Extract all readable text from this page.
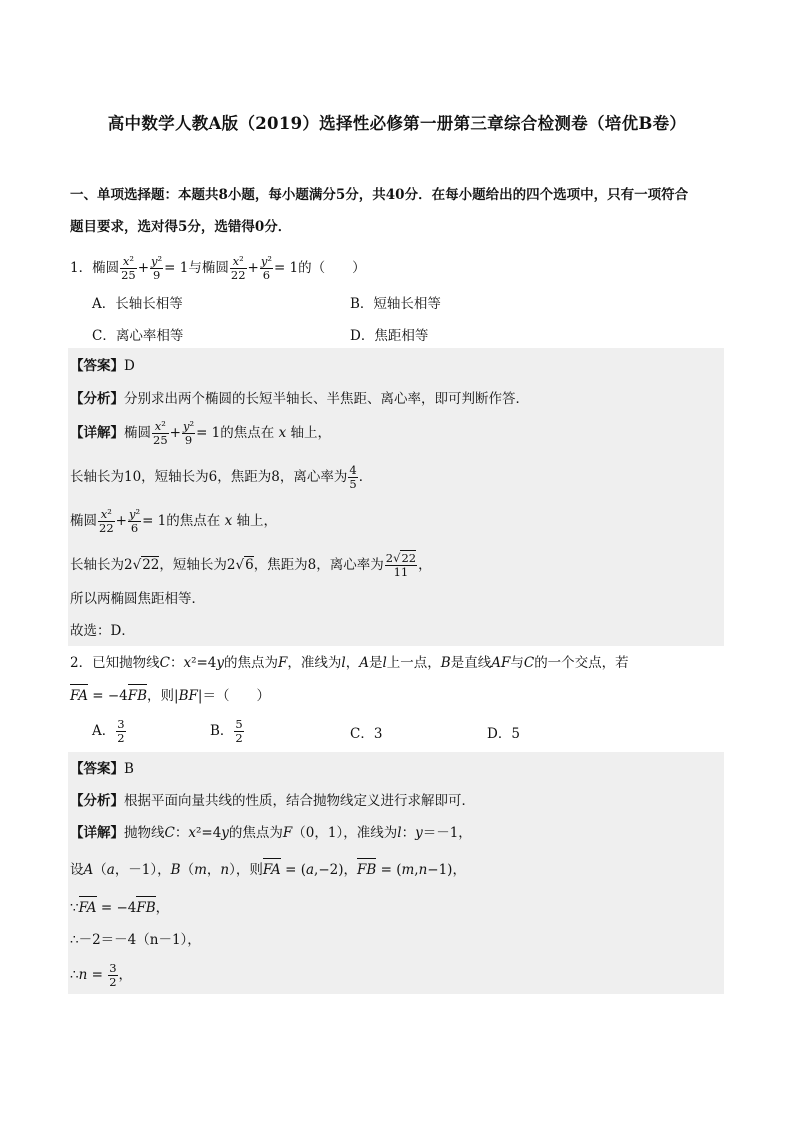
高中数学人教A版（2019）选择性必修第一册第三章综合检测卷（培优B卷）
一、单项选择题：本题共8小题，每小题满分5分，共40分．在每小题给出的四个选项中，只有一项符合
题目要求，选对得5分，选错得0分．
1．椭圆 $\frac{\text{x²}}{25} + \frac{\text{y²}}{9} = 1$与椭圆 $\frac{\text{x²}}{22} + \frac{\text{y²}}{6} = 1$的（　　）
A．长轴长相等	B．短轴长相等
C．离心率相等	D．焦距相等
【答案】D
【分析】分别求出两个椭圆的长短半轴长、半焦距、离心率，即可判断作答．
【详解】椭圆 $\frac{\text{x²}}{25} + \frac{\text{y²}}{9} = 1$的焦点在 x 轴上，
长轴长为10，短轴长为6，焦距为8，离心率为 $\frac{4}{5}$ ．
椭圆 $\frac{\text{x²}}{22} + \frac{\text{y²}}{6} = 1$的焦点在 x 轴上，
长轴长为2√22，短轴长为2√6，焦距为8，离心率为 $\frac{2√22}{11}$ ，
所以两椭圆焦距相等．
故选：D．
2．已知抛物线C：x²=4y的焦点为F，准线为l，A是l上一点，B是直线AF与C的一个交点，若
FA = −4FB，则|BF|＝（　　）
A． $\frac{3}{2}$	B． $\frac{5}{2}$	C．3	D．5
【答案】B
【分析】根据平面向量共线的性质，结合抛物线定义进行求解即可．
【详解】抛物线C：x²=4y的焦点为F（0，1），准线为l：y＝－1，
设A（a，－1），B（m，n），则FA = (a,−2)，FB = (m,n−1)，
∵FA = −4FB，
∴－2＝－4（n－1），
∴n = $\frac{3}{2}$ ，
